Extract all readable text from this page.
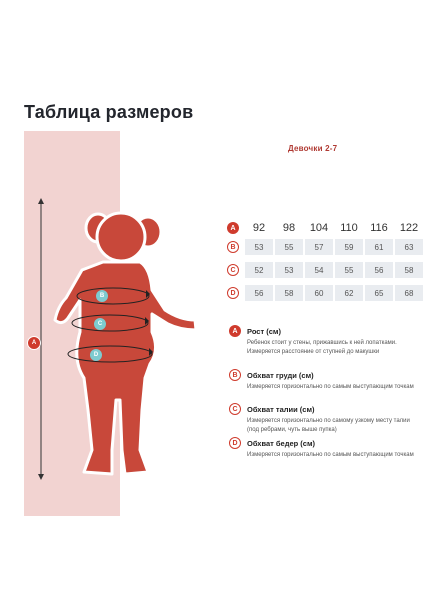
Таблица размеров
A
B
C
D
Девочки 2-7
A	92	98	104	110	116	122
B	53	55	57	59	61	63
C	52	53	54	55	56	58
D	56	58	60	62	65	68
A	Рост (см)
Ребенок стоит у стены, прижавшись к ней лопатками. Измеряется расстояние от ступней до макушки
B	Обхват груди (см)
Измеряется горизонтально по самым выступающим точкам
C	Обхват талии (см)
Измеряется горизонтально по самому узкому месту талии (под ребрами, чуть выше пупка)
D	Обхват бедер (см)
Измеряется горизонтально по самым выступающим точкам
